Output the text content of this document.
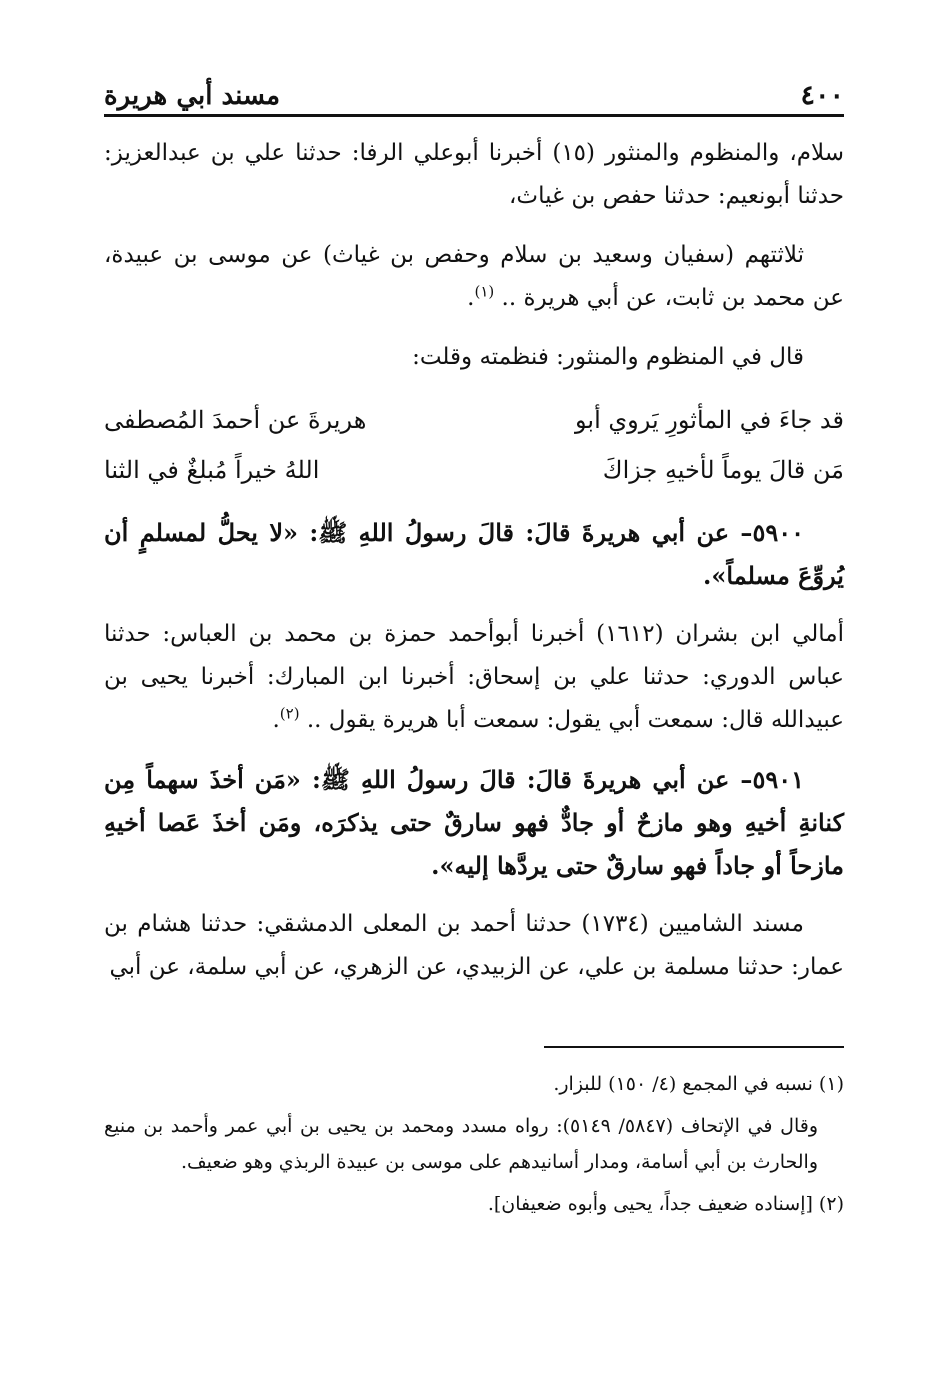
٤٠٠
مسند أبي هريرة

سلام، والمنظوم والمنثور (١٥) أخبرنا أبوعلي الرفا: حدثنا علي بن عبدالعزيز: حدثنا أبونعيم: حدثنا حفص بن غياث،

ثلاثتهم (سفيان وسعيد بن سلام وحفص بن غياث) عن موسى بن عبيدة، عن محمد بن ثابت، عن أبي هريرة .. $^{(١)}$.

قال في المنظوم والمنثور: فنظمته وقلت:

قد جاءَ في المأثورِ يَروي أبو
هريرةَ عن أحمدَ المُصطفى
مَن قالَ يوماً لأخيهِ جزاكَ
اللهُ خيراً مُبلغٌ في الثنا

٥٩٠٠– عن أبي هريرةَ قالَ: قالَ رسولُ اللهِ ﷺ: «لا يحلُّ لمسلمٍ أن يُروِّعَ مسلماً».

أمالي ابن بشران (١٦١٢) أخبرنا أبوأحمد حمزة بن محمد بن العباس: حدثنا عباس الدوري: حدثنا علي بن إسحاق: أخبرنا ابن المبارك: أخبرنا يحيى بن عبيدالله قال: سمعت أبي يقول: سمعت أبا هريرة يقول .. $^{(٢)}$.

٥٩٠١– عن أبي هريرةَ قالَ: قالَ رسولُ اللهِ ﷺ: «مَن أخذَ سهماً مِن كنانةِ أخيهِ وهو مازحٌ أو جادٌّ فهو سارقٌ حتى يذكرَه، ومَن أخذَ عَصا أخيهِ مازحاً أو جاداً فهو سارقٌ حتى يردَّها إليه».

مسند الشاميين (١٧٣٤) حدثنا أحمد بن المعلى الدمشقي: حدثنا هشام بن عمار: حدثنا مسلمة بن علي، عن الزبيدي، عن الزهري، عن أبي سلمة، عن أبي

(١) نسبه في المجمع (٤/ ١٥٠) للبزار.

وقال في الإتحاف (٥٨٤٧/ ٥١٤٩): رواه مسدد ومحمد بن يحيى بن أبي عمر وأحمد بن منيع والحارث بن أبي أسامة، ومدار أسانيدهم على موسى بن عبيدة الربذي وهو ضعيف.

(٢) [إسناده ضعيف جداً، يحيى وأبوه ضعيفان].
